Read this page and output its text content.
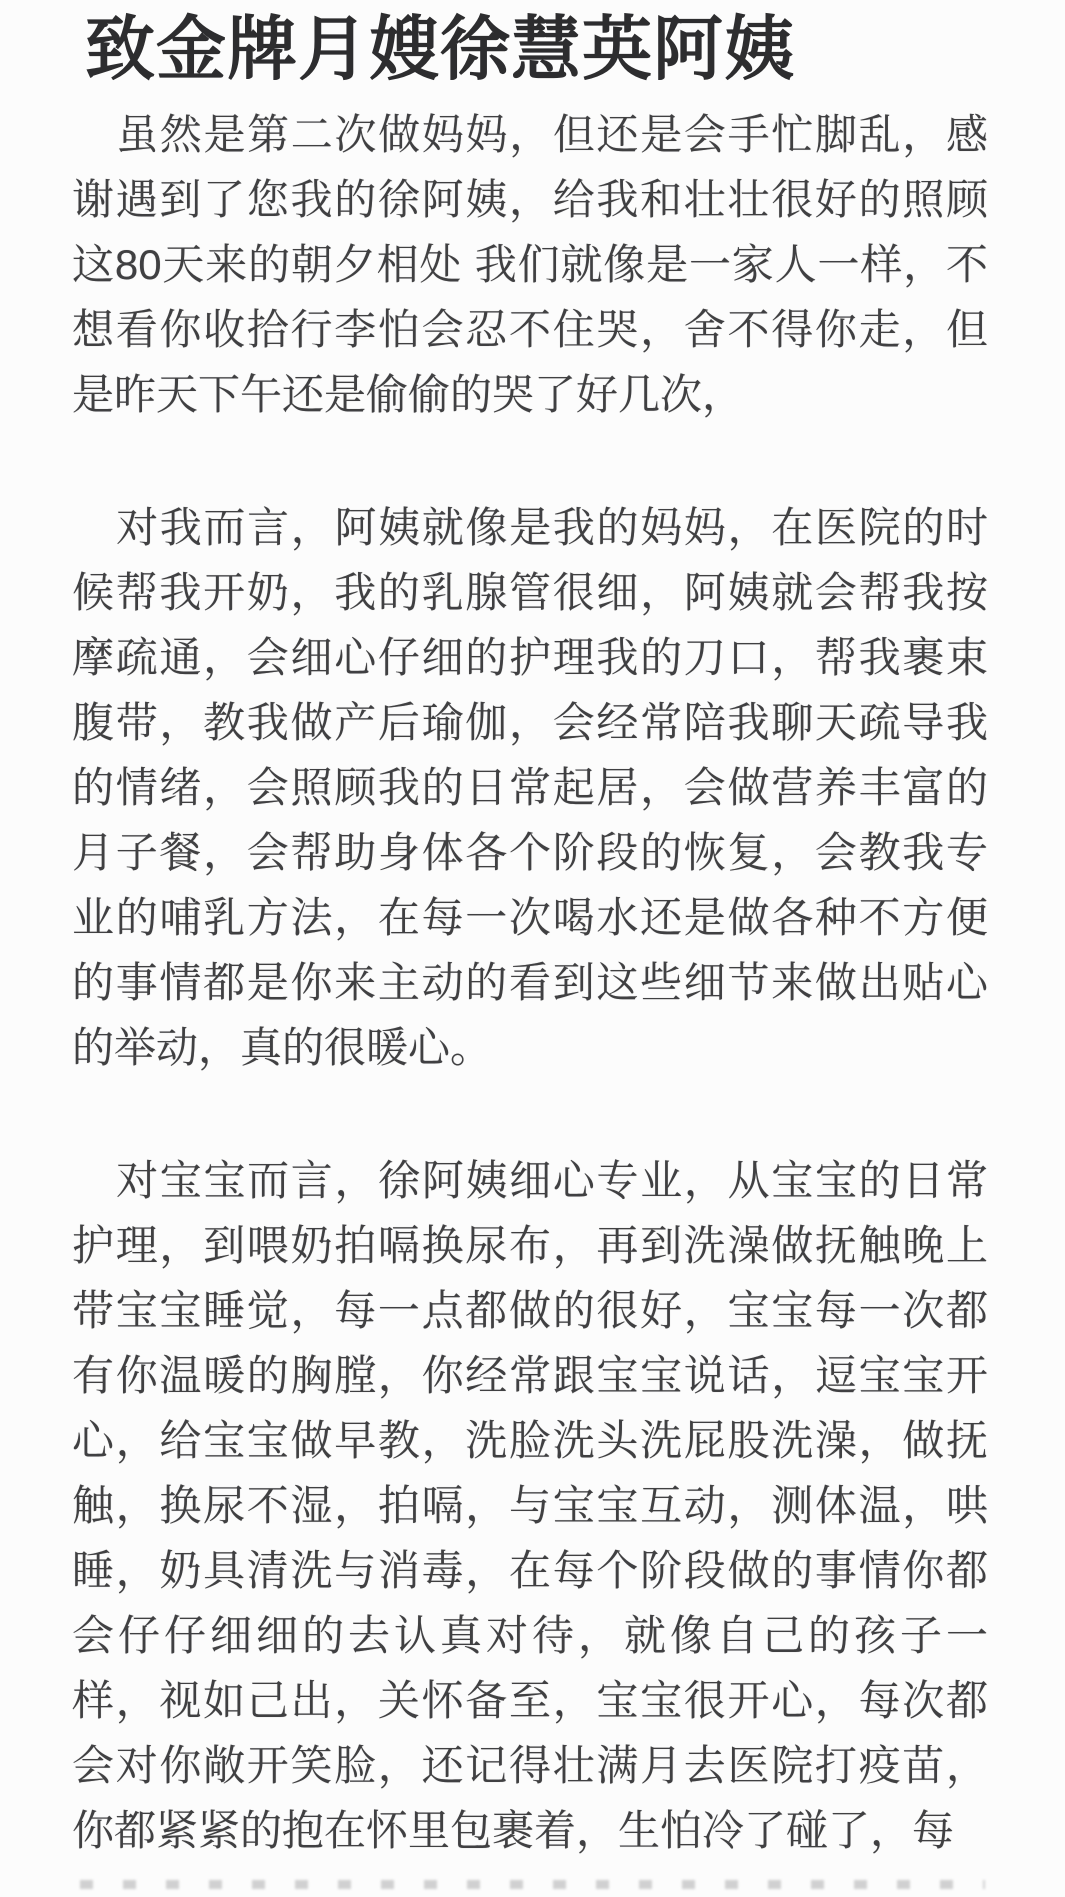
致金牌月嫂徐慧英阿姨

虽然是第二次做妈妈，但还是会手忙脚乱，感谢遇到了您我的徐阿姨，给我和壮壮很好的照顾这80天来的朝夕相处 我们就像是一家人一样，不想看你收拾行李怕会忍不住哭，舍不得你走，但是昨天下午还是偷偷的哭了好几次，

对我而言，阿姨就像是我的妈妈，在医院的时候帮我开奶，我的乳腺管很细，阿姨就会帮我按摩疏通，会细心仔细的护理我的刀口，帮我裹束腹带，教我做产后瑜伽，会经常陪我聊天疏导我的情绪，会照顾我的日常起居，会做营养丰富的月子餐，会帮助身体各个阶段的恢复，会教我专业的哺乳方法，在每一次喝水还是做各种不方便的事情都是你来主动的看到这些细节来做出贴心的举动，真的很暖心。

对宝宝而言，徐阿姨细心专业，从宝宝的日常护理，到喂奶拍嗝换尿布，再到洗澡做抚触晚上带宝宝睡觉，每一点都做的很好，宝宝每一次都有你温暖的胸膛，你经常跟宝宝说话，逗宝宝开心，给宝宝做早教，洗脸洗头洗屁股洗澡，做抚触，换尿不湿，拍嗝，与宝宝互动，测体温，哄睡，奶具清洗与消毒，在每个阶段做的事情你都会仔仔细细的去认真对待，就像自己的孩子一样，视如己出，关怀备至，宝宝很开心，每次都会对你敞开笑脸，还记得壮满月去医院打疫苗，你都紧紧的抱在怀里包裹着，生怕冷了碰了，每
